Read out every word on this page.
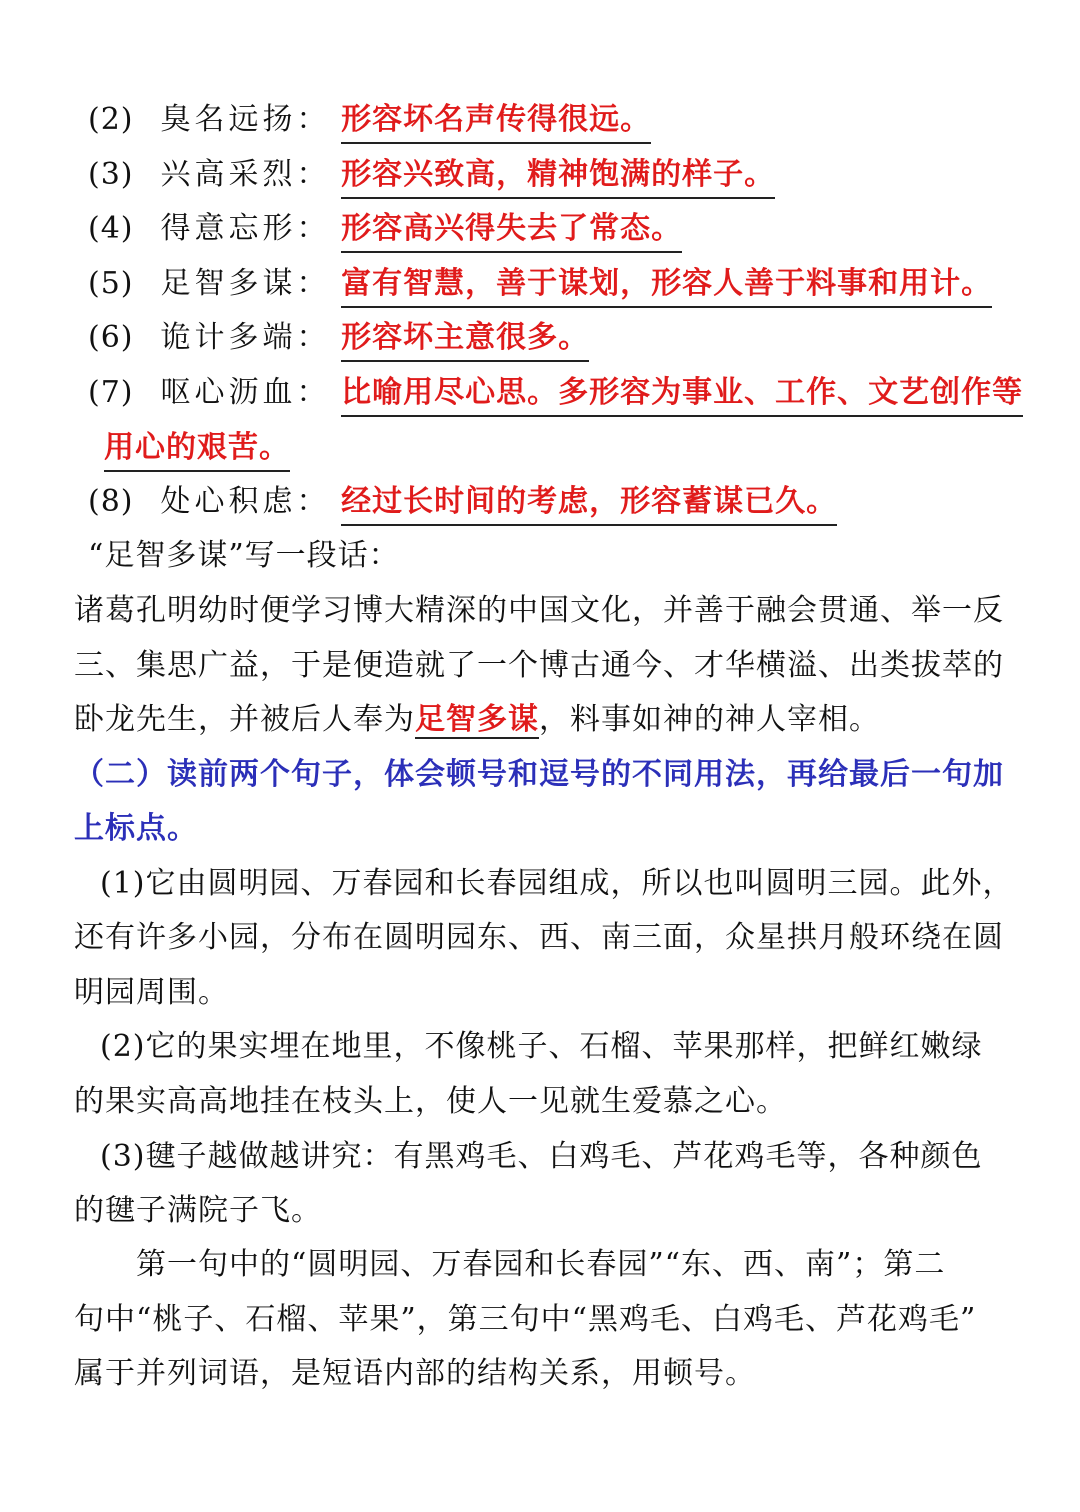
(2) 臭名远扬： 形容坏名声传得很远。
(3) 兴高采烈： 形容兴致高，精神饱满的样子。
(4) 得意忘形： 形容高兴得失去了常态。
(5) 足智多谋： 富有智慧，善于谋划，形容人善于料事和用计。
(6) 诡计多端： 形容坏主意很多。
(7) 呕心沥血： 比喻用尽心思。多形容为事业、工作、文艺创作等
用心的艰苦。
(8) 处心积虑： 经过长时间的考虑，形容蓄谋已久。
“足智多谋”写一段话：
诸葛孔明幼时便学习博大精深的中国文化，并善于融会贯通、举一反
三、集思广益，于是便造就了一个博古通今、才华横溢、出类拔萃的
卧龙先生，并被后人奉为足智多谋，料事如神的神人宰相。
（二）读前两个句子，体会顿号和逗号的不同用法，再给最后一句加
上标点。
(1)它由圆明园、万春园和长春园组成，所以也叫圆明三园。此外，
还有许多小园，分布在圆明园东、西、南三面，众星拱月般环绕在圆
明园周围。
(2)它的果实埋在地里，不像桃子、石榴、苹果那样，把鲜红嫩绿
的果实高高地挂在枝头上，使人一见就生爱慕之心。
(3)毽子越做越讲究：有黑鸡毛、白鸡毛、芦花鸡毛等，各种颜色
的毽子满院子飞。
第一句中的“圆明园、万春园和长春园”“东、西、南”；第二
句中“桃子、石榴、苹果”，第三句中“黑鸡毛、白鸡毛、芦花鸡毛”
属于并列词语，是短语内部的结构关系，用顿号。
